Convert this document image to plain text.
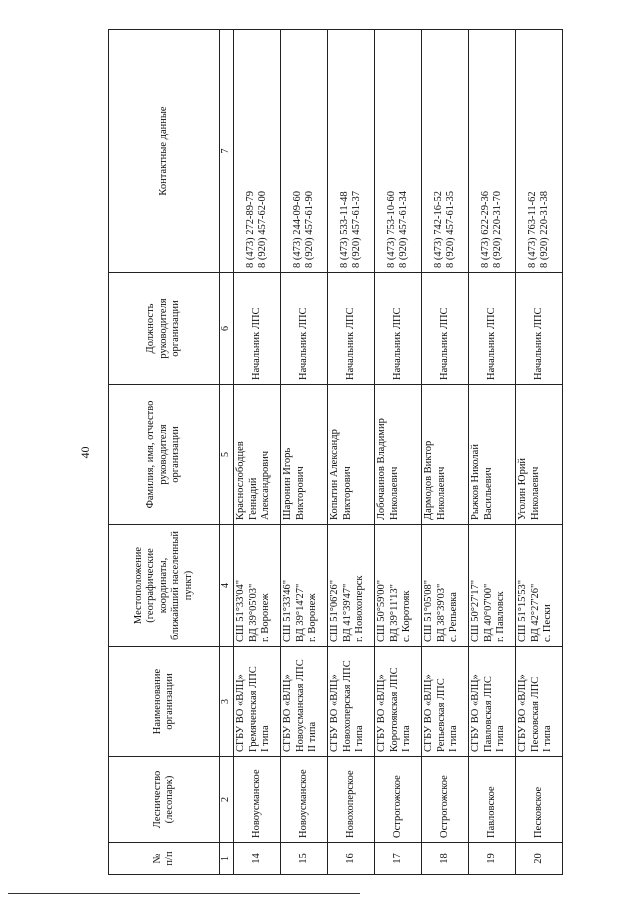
40
№ п/п	Лесничество (лесопарк)	Наименование организации	Местоположение (географические координаты, ближайший населенный пункт)	Фамилия, имя, отчество руководителя организации	Должность руководителя организации	Контактные данные

1	2	3	4	5	6	7
14	Новоусманское	СГБУ ВО «ВЛЦ» Гремяченская ЛПС I типа	СШ 51°33'04" ВД 39°05'03" г. Воронеж	Краснослободцев Геннадий Александрович	Начальник ЛПС	8 (473) 272-89-79 8 (920) 457-62-00

15	Новоусманское	СГБУ ВО «ВЛЦ» Новоусманская ЛПС II типа	СШ 51°33'46" ВД 39°14'27" г. Воронеж	Шаронин Игорь Викторович	Начальник ЛПС	8 (473) 244-09-60 8 (920) 457-61-90

16	Новохоперское	СГБУ ВО «ВЛЦ» Новохоперская ЛПС I типа	СШ 51°06'26" ВД 41°39'47" г. Новохоперск	Копытин Александр Викторович	Начальник ЛПС	8 (473) 533-11-48 8 (920) 457-61-37

17	Острогожское	СГБУ ВО «ВЛЦ» Коротоякская ЛПС I типа	СШ 50°59'00" ВД 39°11'13" с. Коротояк	Лобочаинов Владимир Николаевич	Начальник ЛПС	8 (473) 753-10-60 8 (920) 457-61-34

18	Острогожское	СГБУ ВО «ВЛЦ» Репьевская ЛПС I типа	СШ 51°05'08" ВД 38°39'03" с. Репьевка	Дармодов Виктор Николаевич	Начальник ЛПС	8 (473) 742-16-52 8 (920) 457-61-35

19	Павловское	СГБУ ВО «ВЛЦ» Павловская ЛПС I типа	СШ 50°27'17" ВД 40°07'00" г. Павловск	Рыжков Николай Васильевич	Начальник ЛПС	8 (473) 622-29-36 8 (920) 220-31-70

20	Песковское	СГБУ ВО «ВЛЦ» Песковская ЛПС I типа	СШ 51°15'53" ВД 42°27'26" с. Пески	Уголин Юрий Николаевич	Начальник ЛПС	8 (473) 763-11-62 8 (920) 220-31-38
